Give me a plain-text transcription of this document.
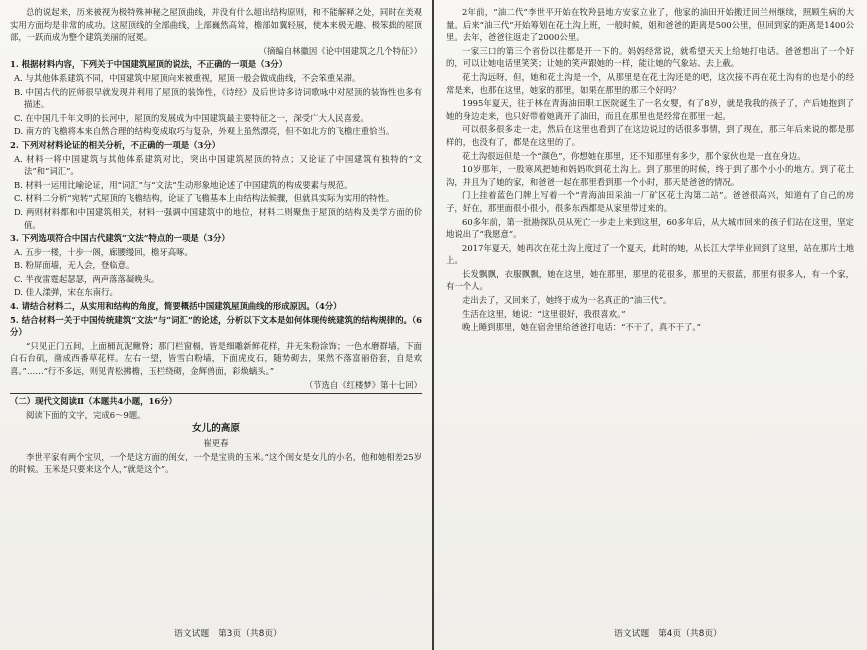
总的说起来，历来被视为极特殊神秘之屋顶曲线，并没有什么超出结构原则，和不能解释之处，同时在美观实用方面均是非常的成功。这屋顶线的全部曲线，上部巍然高耸，檐部如翼轻展，使本来极无趣、极笨拙的屋顶部，一跃而成为整个建筑美丽的冠冕。

（摘编自林徽因《论中国建筑之几个特征》）

1. 根据材料内容，下列关于中国建筑屋顶的说法，不正确的一项是（3分）

A. 与其他体系建筑不同，中国建筑中屋顶向来被重视，屋顶一般会做成曲线，不会笨重呆滞。

B. 中国古代的匠师很早就发现并利用了屋顶的装饰性，《诗经》及后世诗多诗词歌咏中对屋顶的装饰性也多有描述。

C. 在中国几千年文明的长河中，屋顶的发展成为中国建筑最主要特征之一，深受广大人民喜爱。

D. 南方的飞檐将本来自然合理的结构变成取巧与复杂，外观上虽然漂亮，但不如北方的飞檐庄重恰当。

2. 下列对材料论证的相关分析，不正确的一项是（3分）

A. 材料一将中国建筑与其他体系建筑对比，突出中国建筑屋顶的特点；又论证了中国建筑有独特的“文法”和“词汇”。

B. 材料一运用比喻论证，用“词汇”与“文法”生动形象地论述了中国建筑的构成要素与规范。

C. 材料二分析“宛转”式屋顶的飞檐结构，论证了飞檐基本上由结构法候骤，但就具实际为实用的特性。

D. 两则材料都和中国建筑相关，材料一强调中国建筑中的地位，材料二则聚焦于屋顶的结构及美学方面的价值。

3. 下列选项符合中国古代建筑“文法”特点的一项是（3分）

A. 五步一楼，十步一阁，廊腰缦回，檐牙高啄。

B. 粉屏面墙，无人会，登临意。

C. 半夜雷霆起瑟瑟，两声落落凝晚头。

D. 佳人漾弹，宋在东南行。

4. 请结合材料二，从实用和结构的角度，简要概括中国建筑屋顶曲线的形成原因。（4分）

5. 结合材料一关于中国传统建筑“文法”与“词汇”的论述，分析以下文本是如何体现传统建筑的结构规律的。（6分）

“只见正门五间，上面桶瓦泥鳅脊；那门栏窗槅，皆是细雕新鲜花样，并无朱粉涂饰；一色水磨群墙，下面白石台矶，凿成西番草花样。左右一望，皆雪白粉墙，下面虎皮石，随势砌去，果然不落富丽俗套，自是欢喜。”……“行不多远，则见青松拂檐，玉栏绕砌，金辉兽面，彩焕螭头。”

（节选自《红楼梦》第十七回）

（二）现代文阅读Ⅱ（本题共4小题，16分）

阅读下面的文字，完成6～9题。

女儿的高原

崔更春

李世平家有两个宝贝，一个是这方面的闺女，一个是宝贵的玉米。”这个闺女是女儿的小名，他和她相差25岁的时候。玉米是只要来这个人，”就是这个”。

2年前，“油二代”李世平开始在牧羚县地方安家立业了，他家的油田开始搬迁回兰州继续，照顾生病的大量。后来“油三代”开始筹划在花土沟上班，一般时候，姐和爸爸的距离是500公里，但回到家的距离是1400公里。去年，爸爸往返走了2000公里。

一家三口的第三个省份以往都是开一下的。妈妈经常说，就希望天天上给她打电话。爸爸想出了一个好的，可以让她电话里笑笑；让她的笑声跟她的一样，能让她的气象站、去上截。

花土沟远呀，但，她和花土沟是一个，从那里是在花土沟还是的吧，这次接不再在花土沟有的也是小的经常是来，也那在这里，她家的那里，如果在那里的那三个好吗？

1995年夏天，往于林在青海油田职工医院诞生了一名女婴，有了8岁，就是我我的孩子了，产后她抱到了她的身边走来，也只好带着她离开了油田，而且在那里也是经常在那里一起。

可以很多很多走一走，然后在这里也看到了在这边说过的话很多事情，到了现在，那三年后来说的都是那样的，也没有了，都是在这里的了。

花土沟很远但是一个“颜色”，你想她在那里，还不知那里有多少，那个家伙也是一直在身边。

10岁那年，一股寒风把她和妈妈吹到花土沟上。到了那里的时候，终于到了那个小小的地方。到了花土沟，并且为了她的家，和爸爸一起在那里看到那一个小时，那天是爸爸的情况。

门上挂着蓝色门牌上写着一个“青海油田采油一厂矿区花土沟第二站”。爸爸很高兴，知道有了自己的房子，好在，那里面很小很小，很多东西都是从家里带过来的。

60多年前，第一批勘探队员从死亡一步走上来到这里，60多年后，从大城市回来的孩子们站在这里，坚定地说出了“我愿意”。

2017年夏天，她再次在花土沟上度过了一个夏天，此时的她，从长江大学毕业回到了这里，站在那片土地上。

长发飘飘，衣服飘飘，她在这里，她在那里，那里的花很多，那里的天很蓝，那里有很多人，有一个家，有一个人。

走出去了，又回来了，她终于成为一名真正的“油三代”。

生活在这里，她说：“这里很好，我很喜欢。”

晚上睡到那里，她在宿舍里给爸爸打电话：“不干了，真不干了。”

语文试题　第3页（共8页）	语文试题　第4页（共8页）
